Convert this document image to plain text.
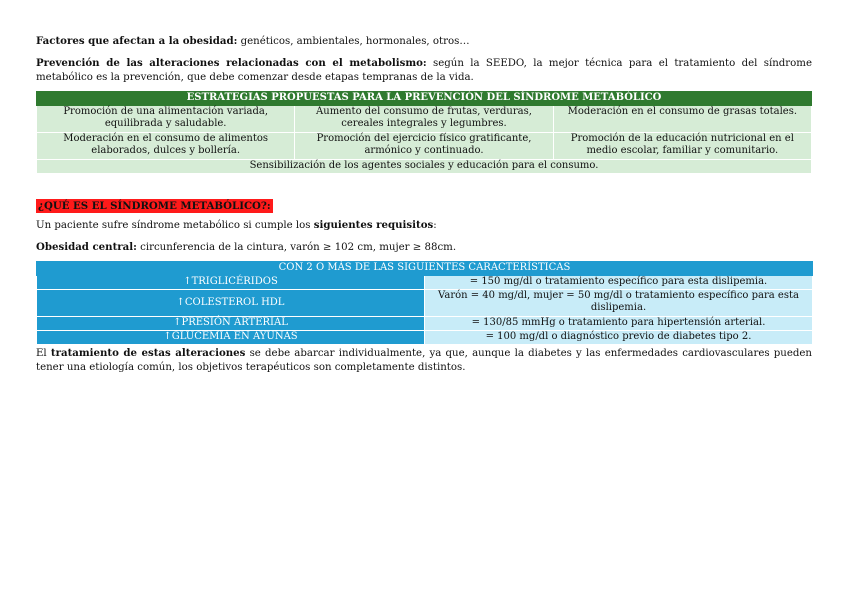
Factores que afectan a la obesidad: genéticos, ambientales, hormonales, otros…

Prevención de las alteraciones relacionadas con el metabolismo: según la SEEDO, la mejor técnica para el tratamiento del síndrome metabólico es la prevención, que debe comenzar desde etapas tempranas de la vida.

ESTRATEGIAS PROPUESTAS PARA LA PREVENCIÓN DEL SÍNDROME METABÓLICO		
Promoción de una alimentación variada, equilibrada y saludable.	Aumento del consumo de frutas, verduras, cereales integrales y legumbres.	Moderación en el consumo de grasas totales.
Moderación en el consumo de alimentos elaborados, dulces y bollería.	Promoción del ejercicio físico gratificante, armónico y continuado.	Promoción de la educación nutricional en el medio escolar, familiar y comunitario.
Sensibilización de los agentes sociales y educación para el consumo.		
¿QUÉ ES EL SÍNDROME METABÓLICO?:

Un paciente sufre síndrome metabólico si cumple los siguientes requisitos:

Obesidad central: circunferencia de la cintura, varón ≥ 102 cm, mujer ≥ 88cm.

CON 2 O MÁS DE LAS SIGUIENTES CARACTERÍSTICAS	
↑TRIGLICÉRIDOS	= 150 mg/dl o tratamiento específico para esta dislipemia.
↑COLESTEROL HDL	Varón = 40 mg/dl, mujer = 50 mg/dl o tratamiento específico para esta dislipemia.
↑PRESIÓN ARTERIAL	= 130/85 mmHg o tratamiento para hipertensión arterial.
↑GLUCEMIA EN AYUNAS	= 100 mg/dl o diagnóstico previo de diabetes tipo 2.

El tratamiento de estas alteraciones se debe abarcar individualmente, ya que, aunque la diabetes y las enfermedades cardiovasculares pueden tener una etiología común, los objetivos terapéuticos son completamente distintos.
